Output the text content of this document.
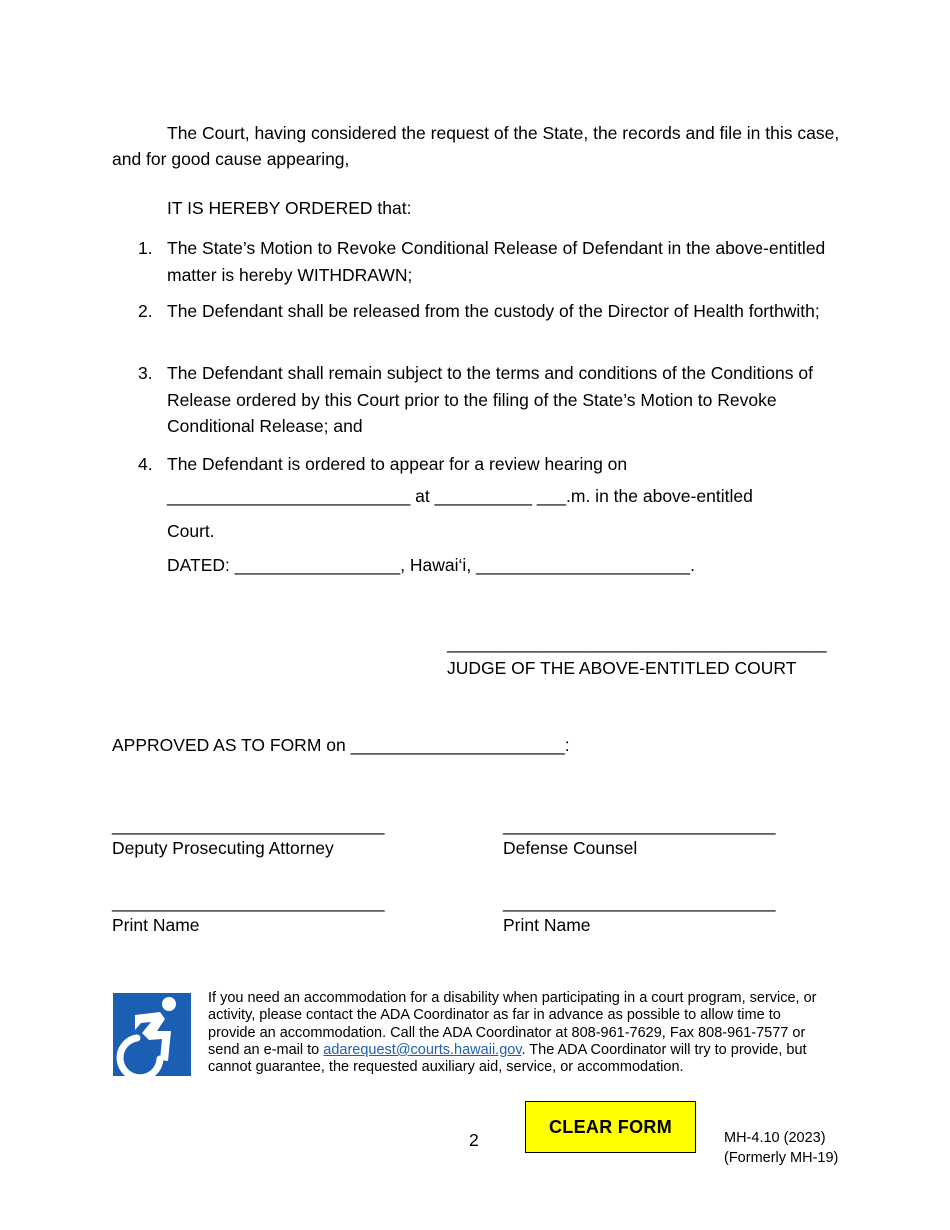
The Court, having considered the request of the State, the records and file in this case, and for good cause appearing,
IT IS HEREBY ORDERED that:
1. The State’s Motion to Revoke Conditional Release of Defendant in the above-entitled matter is hereby WITHDRAWN;
2. The Defendant shall be released from the custody of the Director of Health forthwith;
3. The Defendant shall remain subject to the terms and conditions of the Conditions of Release ordered by this Court prior to the filing of the State’s Motion to Revoke Conditional Release; and
4. The Defendant is ordered to appear for a review hearing on
_________________________ at __________ ___.m. in the above-entitled
Court.
DATED: _________________, Hawai‘i, ______________________.
_______________________________________
JUDGE OF THE ABOVE-ENTITLED COURT
APPROVED AS TO FORM on ______________________:
____________________________
Deputy Prosecuting Attorney
____________________________
Defense Counsel
____________________________
Print Name
____________________________
Print Name
If you need an accommodation for a disability when participating in a court program, service, or activity, please contact the ADA Coordinator as far in advance as possible to allow time to provide an accommodation. Call the ADA Coordinator at 808-961-7629, Fax 808-961-7577 or send an e-mail to adarequest@courts.hawaii.gov. The ADA Coordinator will try to provide, but cannot guarantee, the requested auxiliary aid, service, or accommodation.
2
CLEAR FORM
MH-4.10 (2023)
(Formerly MH-19)
